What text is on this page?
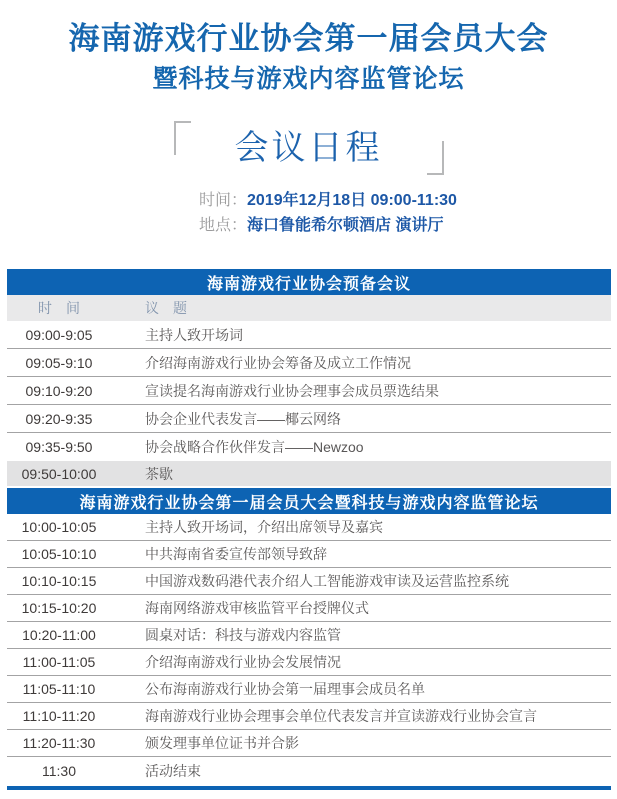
海南游戏行业协会第一届会员大会
暨科技与游戏内容监管论坛
会议日程
时间：2019年12月18日 09:00-11:30
地点：海口鲁能希尔顿酒店 演讲厅
海南游戏行业协会预备会议
时　间	议　题
09:00-9:05	主持人致开场词
09:05-9:10	介绍海南游戏行业协会筹备及成立工作情况
09:10-9:20	宣读提名海南游戏行业协会理事会成员票选结果
09:20-9:35	协会企业代表发言——椰云网络
09:35-9:50	协会战略合作伙伴发言——Newzoo
09:50-10:00	茶歇
海南游戏行业协会第一届会员大会暨科技与游戏内容监管论坛
10:00-10:05	主持人致开场词，介绍出席领导及嘉宾
10:05-10:10	中共海南省委宣传部领导致辞
10:10-10:15	中国游戏数码港代表介绍人工智能游戏审读及运营监控系统
10:15-10:20	海南网络游戏审核监管平台授牌仪式
10:20-11:00	圆桌对话：科技与游戏内容监管
11:00-11:05	介绍海南游戏行业协会发展情况
11:05-11:10	公布海南游戏行业协会第一届理事会成员名单
11:10-11:20	海南游戏行业协会理事会单位代表发言并宣读游戏行业协会宣言
11:20-11:30	颁发理事单位证书并合影
11:30	活动结束
